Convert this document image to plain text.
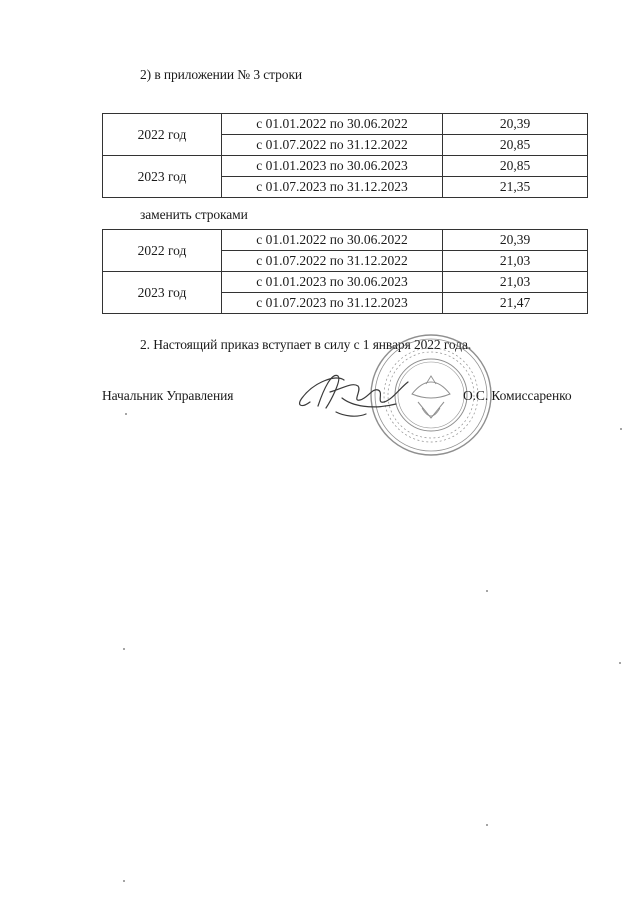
2) в приложении № 3 строки
2022 год	с 01.01.2022 по 30.06.2022	20,39
	с 01.07.2022 по 31.12.2022	20,85
2023 год	с 01.01.2023 по 30.06.2023	20,85
	с 01.07.2023 по 31.12.2023	21,35
заменить строками
2022 год	с 01.01.2022 по 30.06.2022	20,39
	с 01.07.2022 по 31.12.2022	21,03
2023 год	с 01.01.2023 по 30.06.2023	21,03
	с 01.07.2023 по 31.12.2023	21,47
2. Настоящий приказ вступает в силу с 1 января 2022 года.
Начальник Управления	О.С. Комиссаренко
